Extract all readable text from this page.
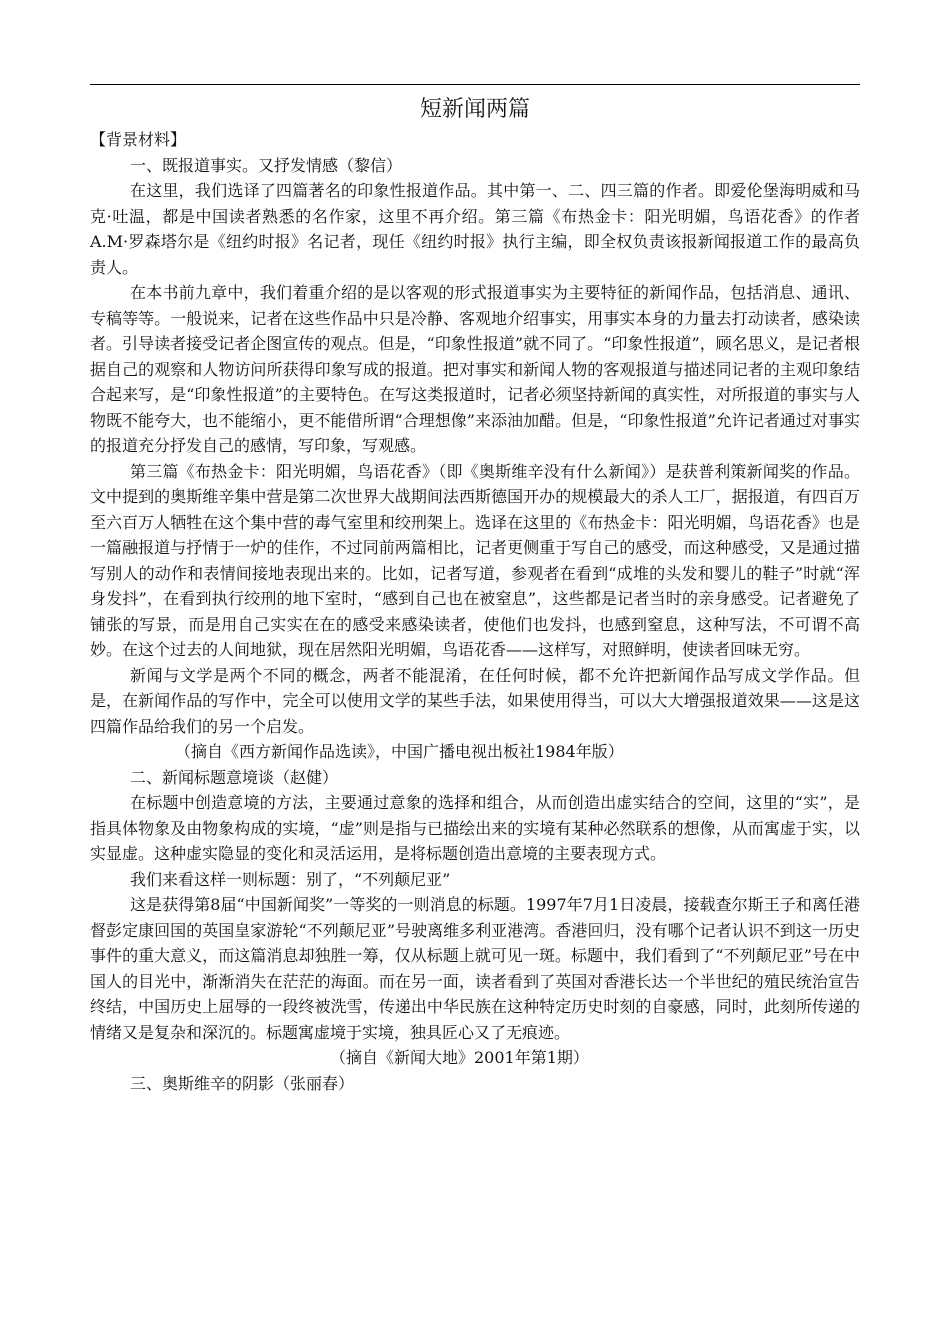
短新闻两篇
【背景材料】
一、既报道事实。又抒发情感（黎信）
在这里，我们选译了四篇著名的印象性报道作品。其中第一、二、四三篇的作者。即爱伦堡海明威和马克·吐温，都是中国读者熟悉的名作家，这里不再介绍。第三篇《布热金卡：阳光明媚，鸟语花香》的作者A.M·罗森塔尔是《纽约时报》名记者，现任《纽约时报》执行主编，即全权负责该报新闻报道工作的最高负责人。
在本书前九章中，我们着重介绍的是以客观的形式报道事实为主要特征的新闻作品，包括消息、通讯、专稿等等。一般说来，记者在这些作品中只是冷静、客观地介绍事实，用事实本身的力量去打动读者，感染读者。引导读者接受记者企图宣传的观点。但是，“印象性报道”就不同了。“印象性报道”，顾名思义，是记者根据自己的观察和人物访问所获得印象写成的报道。把对事实和新闻人物的客观报道与描述同记者的主观印象结合起来写，是“印象性报道”的主要特色。在写这类报道时，记者必须坚持新闻的真实性，对所报道的事实与人物既不能夸大，也不能缩小，更不能借所谓“合理想像”来添油加醋。但是，“印象性报道”允许记者通过对事实的报道充分抒发自己的感情，写印象，写观感。
第三篇《布热金卡：阳光明媚，鸟语花香》（即《奥斯维辛没有什么新闻》）是获普利策新闻奖的作品。文中提到的奥斯维辛集中营是第二次世界大战期间法西斯德国开办的规模最大的杀人工厂，据报道，有四百万至六百万人牺牲在这个集中营的毒气室里和绞刑架上。选译在这里的《布热金卡：阳光明媚，鸟语花香》也是一篇融报道与抒情于一炉的佳作，不过同前两篇相比，记者更侧重于写自己的感受，而这种感受，又是通过描写别人的动作和表情间接地表现出来的。比如，记者写道，参观者在看到“成堆的头发和婴儿的鞋子”时就“浑身发抖”，在看到执行绞刑的地下室时，“感到自己也在被窒息”，这些都是记者当时的亲身感受。记者避免了铺张的写景，而是用自己实实在在的感受来感染读者，使他们也发抖，也感到窒息，这种写法，不可谓不高妙。在这个过去的人间地狱，现在居然阳光明媚，鸟语花香——这样写，对照鲜明，使读者回味无穷。
新闻与文学是两个不同的概念，两者不能混淆，在任何时候，都不允许把新闻作品写成文学作品。但是，在新闻作品的写作中，完全可以使用文学的某些手法，如果使用得当，可以大大增强报道效果——这是这四篇作品给我们的另一个启发。
（摘自《西方新闻作品选读》，中国广播电视出板社1984年版）
二、新闻标题意境谈（赵健）
在标题中创造意境的方法，主要通过意象的选择和组合，从而创造出虚实结合的空间，这里的“实”，是指具体物象及由物象构成的实境，“虚”则是指与已描绘出来的实境有某种必然联系的想像，从而寓虚于实，以实显虚。这种虚实隐显的变化和灵活运用，是将标题创造出意境的主要表现方式。
我们来看这样一则标题：别了，“不列颠尼亚”
这是获得第8届“中国新闻奖”一等奖的一则消息的标题。1997年7月1日凌晨，接载查尔斯王子和离任港督彭定康回国的英国皇家游轮“不列颠尼亚”号驶离维多利亚港湾。香港回归，没有哪个记者认识不到这一历史事件的重大意义，而这篇消息却独胜一筹，仅从标题上就可见一斑。标题中，我们看到了“不列颠尼亚”号在中国人的目光中，渐渐消失在茫茫的海面。而在另一面，读者看到了英国对香港长达一个半世纪的殖民统治宣告终结，中国历史上屈辱的一段终被洗雪，传递出中华民族在这种特定历史时刻的自豪感，同时，此刻所传递的情绪又是复杂和深沉的。标题寓虚境于实境，独具匠心又了无痕迹。
（摘自《新闻大地》2001年第1期）
三、奥斯维辛的阴影（张丽春）
